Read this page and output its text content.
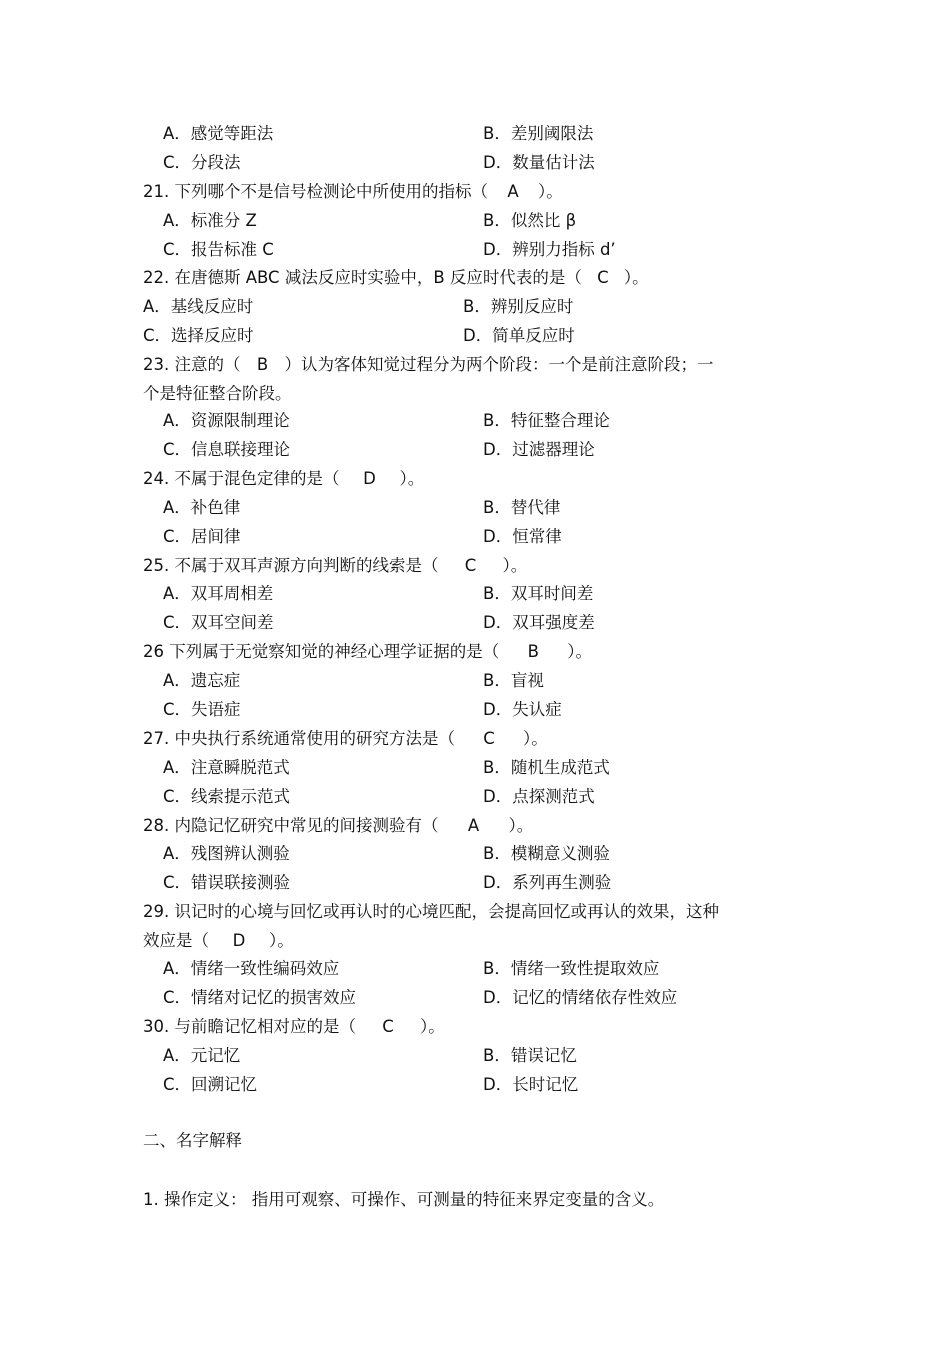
A．感觉等距法	B．差别阈限法
C．分段法	D．数量估计法
21. 下列哪个不是信号检测论中所使用的指标（ A ）。
A．标准分 Z	B．似然比 β
C．报告标准 C	D．辨别力指标 d’
22. 在唐德斯 ABC 减法反应时实验中，B 反应时代表的是（ C ）。
A．基线反应时	B．辨别反应时
C．选择反应时	D．简单反应时
23. 注意的（ B ）认为客体知觉过程分为两个阶段：一个是前注意阶段；一
个是特征整合阶段。
A．资源限制理论	B．特征整合理论
C．信息联接理论	D．过滤器理论
24. 不属于混色定律的是（ D ）。
A．补色律	B．替代律
C．居间律	D．恒常律
25. 不属于双耳声源方向判断的线索是（ C ）。
A．双耳周相差	B．双耳时间差
C．双耳空间差	D．双耳强度差
26 下列属于无觉察知觉的神经心理学证据的是（ B ）。
A．遗忘症	B．盲视
C．失语症	D．失认症
27. 中央执行系统通常使用的研究方法是（ C ）。
A．注意瞬脱范式	B．随机生成范式
C．线索提示范式	D．点探测范式
28. 内隐记忆研究中常见的间接测验有（ A ）。
A．残图辨认测验	B．模糊意义测验
C．错误联接测验	D．系列再生测验
29. 识记时的心境与回忆或再认时的心境匹配，会提高回忆或再认的效果，这种
效应是（ D ）。
A．情绪一致性编码效应	B．情绪一致性提取效应
C．情绪对记忆的损害效应	D．记忆的情绪依存性效应
30. 与前瞻记忆相对应的是（ C ）。
A．元记忆	B．错误记忆
C．回溯记忆	D．长时记忆
二、名字解释
1. 操作定义： 指用可观察、可操作、可测量的特征来界定变量的含义。
